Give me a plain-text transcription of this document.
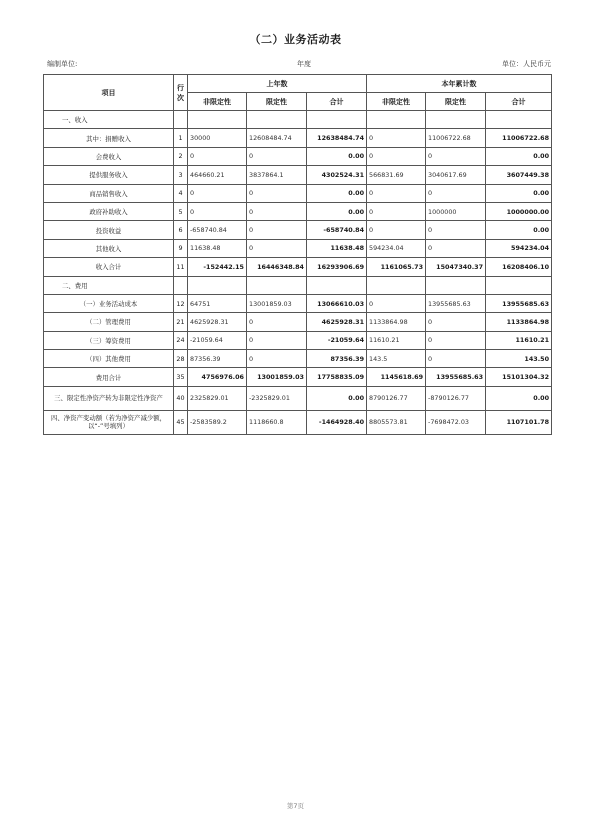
（二）业务活动表
编制单位:	年度	单位：人民币元
项目	行次	上年数			本年累计数		
		非限定性	限定性	合计	非限定性	限定性	合计
一、收入							
其中：捐赠收入	1	30000	12608484.74	12638484.74	0	11006722.68	11006722.68
会费收入	2	0	0	0.00	0	0	0.00
提供服务收入	3	464660.21	3837864.1	4302524.31	566831.69	3040617.69	3607449.38
商品销售收入	4	0	0	0.00	0	0	0.00
政府补助收入	5	0	0	0.00	0	1000000	1000000.00
投资收益	6	-658740.84	0	-658740.84	0	0	0.00
其他收入	9	11638.48	0	11638.48	594234.04	0	594234.04
收入合计	11	-152442.15	16446348.84	16293906.69	1161065.73	15047340.37	16208406.10
二、费用							
（一）业务活动成本	12	64751	13001859.03	13066610.03	0	13955685.63	13955685.63
（二）管理费用	21	4625928.31	0	4625928.31	1133864.98	0	1133864.98
（三）筹资费用	24	-21059.64	0	-21059.64	11610.21	0	11610.21
（四）其他费用	28	87356.39	0	87356.39	143.5	0	143.50
费用合计	35	4756976.06	13001859.03	17758835.09	1145618.69	13955685.63	15101304.32
三、限定性净资产转为非限定性净资产	40	2325829.01	-2325829.01	0.00	8790126.77	-8790126.77	0.00
四、净资产变动额（若为净资产减少额，以“-”号填列）	45	-2583589.2	1118660.8	-1464928.40	8805573.81	-7698472.03	1107101.78
第7页
